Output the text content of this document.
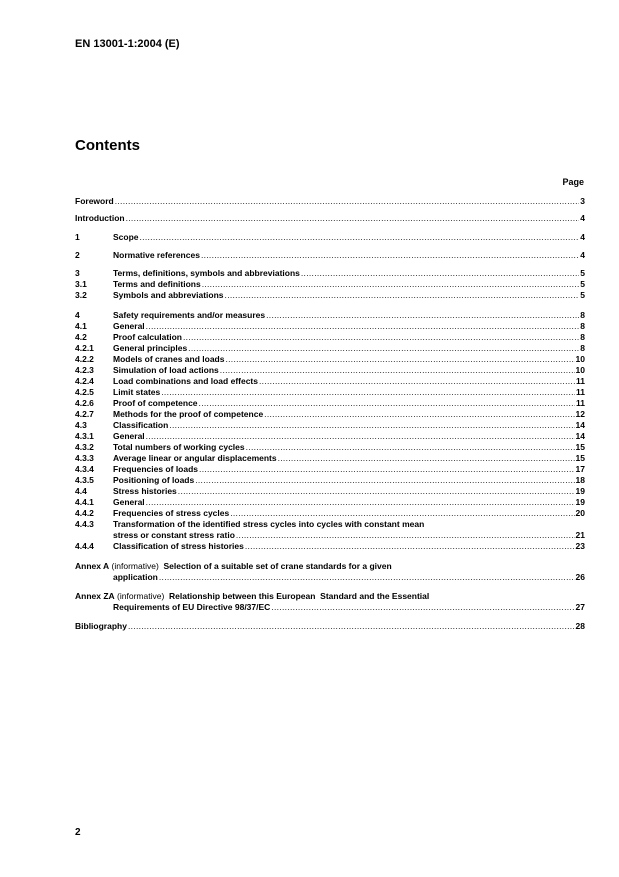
EN 13001-1:2004 (E)
Contents
Page
Foreword .....	3
Introduction .....	4
1	Scope .....	4
2	Normative references .....	4
3	Terms, definitions, symbols and abbreviations .....	5
3.1	Terms and definitions .....	5
3.2	Symbols and abbreviations .....	5
4	Safety requirements and/or measures .....	8
4.1	General .....	8
4.2	Proof calculation .....	8
4.2.1	General principles .....	8
4.2.2	Models of cranes and loads .....	10
4.2.3	Simulation of load actions .....	10
4.2.4	Load combinations and load effects .....	11
4.2.5	Limit states .....	11
4.2.6	Proof of competence .....	11
4.2.7	Methods for the proof of competence .....	12
4.3	Classification .....	14
4.3.1	General .....	14
4.3.2	Total numbers of working cycles .....	15
4.3.3	Average linear or angular displacements .....	15
4.3.4	Frequencies of loads .....	17
4.3.5	Positioning of loads .....	18
4.4	Stress histories .....	19
4.4.1	General .....	19
4.4.2	Frequencies of stress cycles .....	20
4.4.3	Transformation of the identified stress cycles into cycles with constant mean
stress or constant stress ratio .....	21
4.4.4	Classification of stress histories .....	23
Annex A (informative) Selection of a suitable set of crane standards for a given
application .....	26
Annex ZA (informative) Relationship between this European  Standard and the Essential
Requirements of EU Directive 98/37/EC .....	27
Bibliography .....	28
2
